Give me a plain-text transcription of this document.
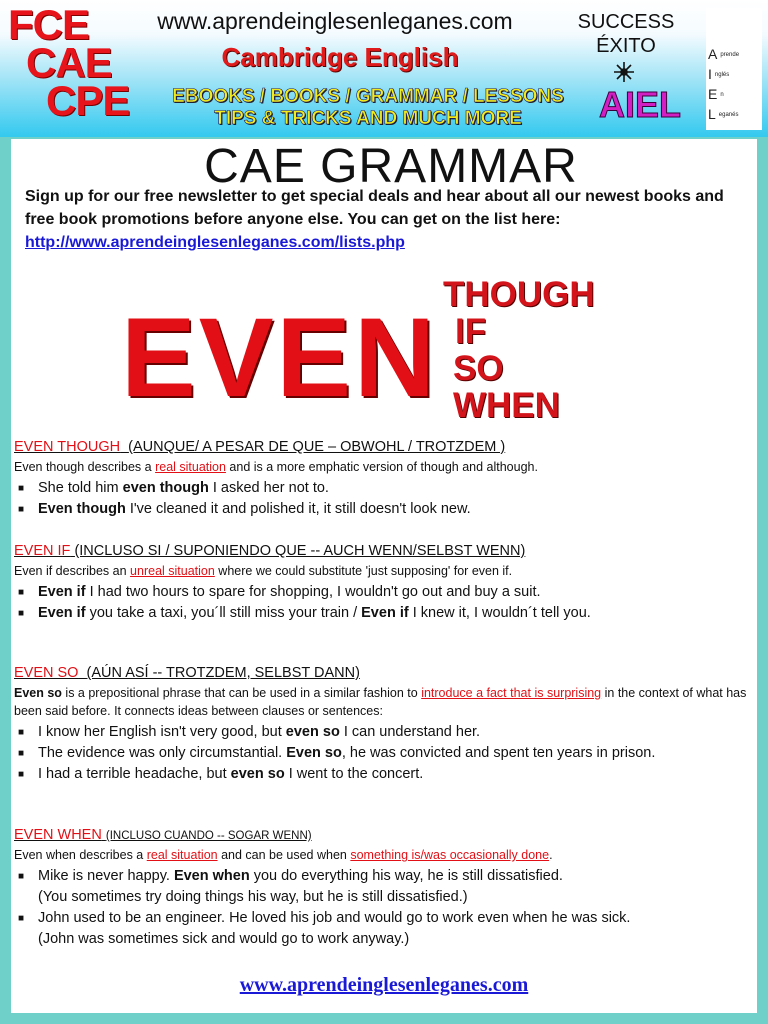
FCE
CAE
CPE
www.aprendeinglesenleganes.com
Cambridge English
EBOOKS / BOOKS / GRAMMAR / LESSONS
TIPS & TRICKS AND MUCH MORE
SUCCESS
ÉXITO
AIEL
Aprende
Inglés
En
Leganés
CAE GRAMMAR
Sign up for our free newsletter to get special deals and hear about all our newest books and free book promotions before anyone else. You can get on the list here:
http://www.aprendeinglesenleganes.com/lists.php
EVEN
THOUGH
IF
SO
WHEN
EVEN THOUGH (AUNQUE/ A PESAR DE QUE – OBWOHL / TROTZDEM )
Even though describes a real situation and is a more emphatic version of though and although.
■ She told him even though I asked her not to.
■ Even though I've cleaned it and polished it, it still doesn't look new.
EVEN IF (INCLUSO SI / SUPONIENDO QUE -- AUCH WENN/SELBST WENN)
Even if describes an unreal situation where we could substitute 'just supposing' for even if.
■ Even if I had two hours to spare for shopping, I wouldn't go out and buy a suit.
■ Even if you take a taxi, you´ll still miss your train / Even if I knew it, I wouldn´t tell you.
EVEN SO (AÚN ASÍ -- TROTZDEM, SELBST DANN)
Even so is a prepositional phrase that can be used in a similar fashion to introduce a fact that is surprising in the context of what has been said before. It connects ideas between clauses or sentences:
■ I know her English isn't very good, but even so I can understand her.
■ The evidence was only circumstantial. Even so, he was convicted and spent ten years in prison.
■ I had a terrible headache, but even so I went to the concert.
EVEN WHEN (INCLUSO CUANDO -- SOGAR WENN)
Even when describes a real situation and can be used when something is/was occasionally done.
■ Mike is never happy. Even when you do everything his way, he is still dissatisfied.
(You sometimes try doing things his way, but he is still dissatisfied.)
■ John used to be an engineer. He loved his job and would go to work even when he was sick.
(John was sometimes sick and would go to work anyway.)
www.aprendeinglesenleganes.com
